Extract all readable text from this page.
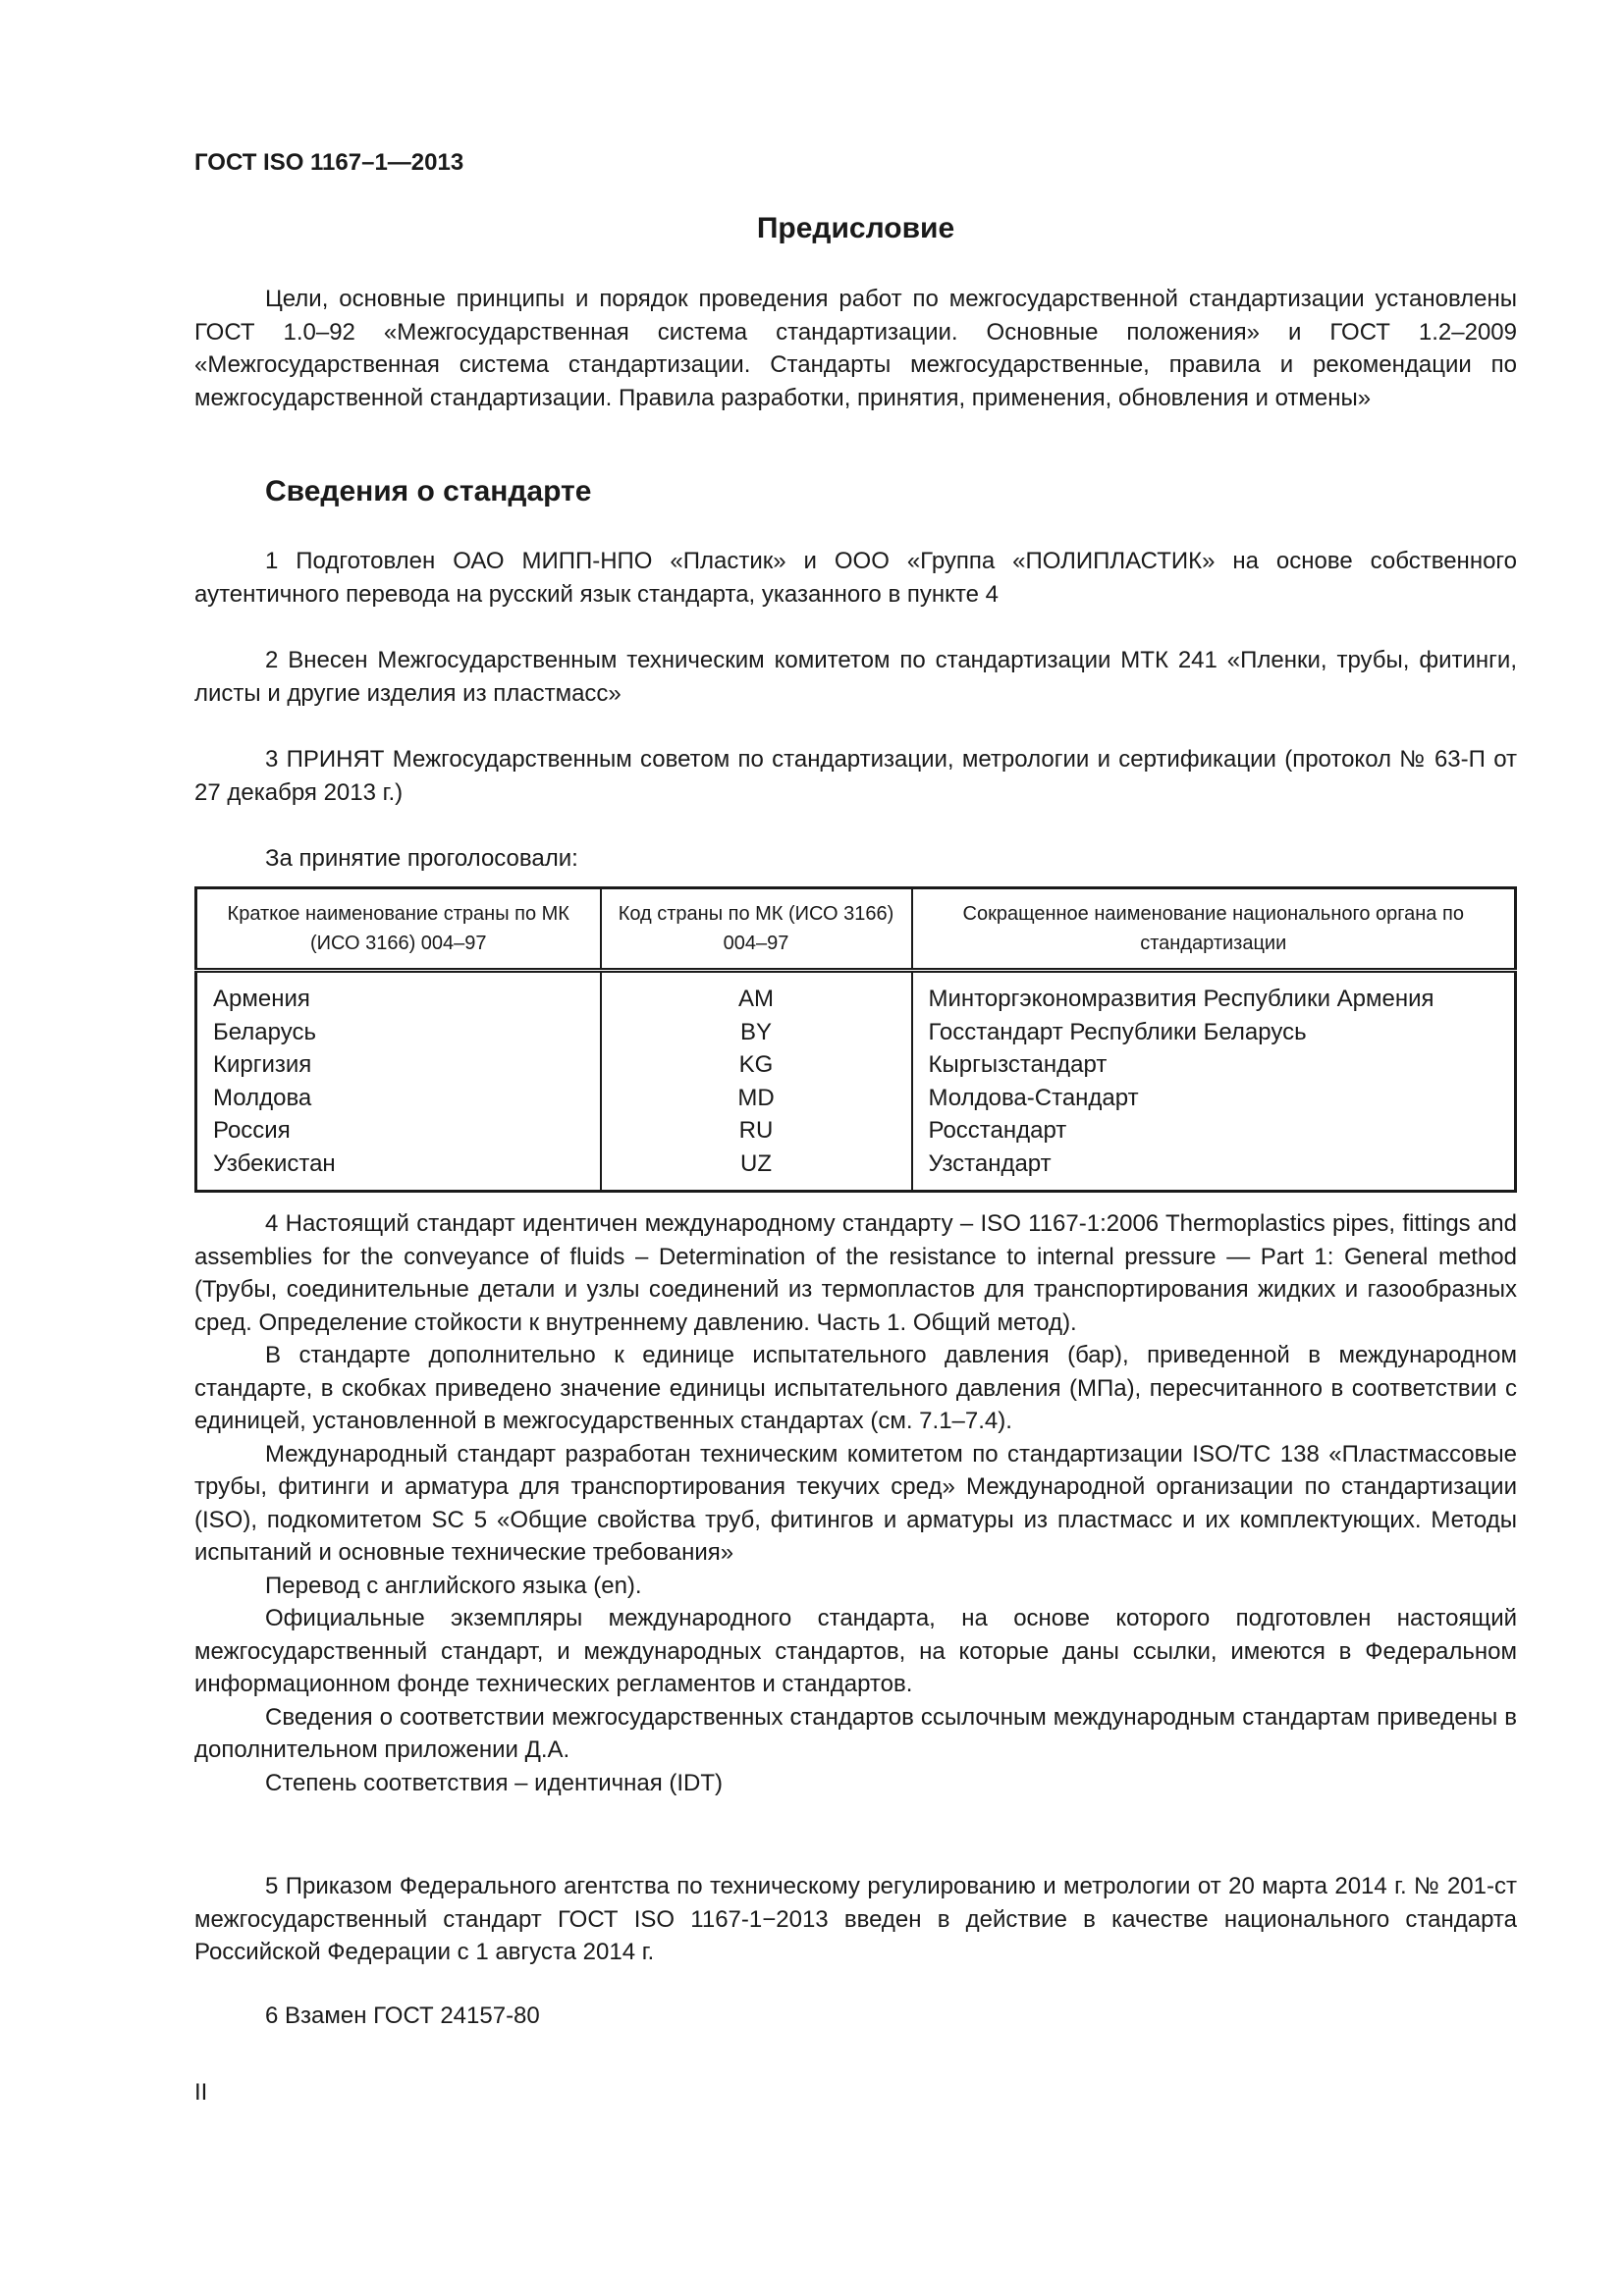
ГОСТ ISO 1167–1—2013
Предисловие

Цели, основные принципы и порядок проведения работ по межгосударственной стандартизации установлены ГОСТ 1.0–92 «Межгосударственная система стандартизации. Основные положения» и ГОСТ 1.2–2009 «Межгосударственная система стандартизации. Стандарты межгосударственные, правила и рекомендации по межгосударственной стандартизации. Правила разработки, принятия, применения, обновления и отмены»

Сведения о стандарте

1 Подготовлен ОАО МИПП-НПО «Пластик» и ООО «Группа «ПОЛИПЛАСТИК» на основе собственного аутентичного перевода на русский язык стандарта, указанного в пункте 4

2 Внесен Межгосударственным техническим комитетом по стандартизации МТК 241 «Пленки, трубы, фитинги, листы и другие изделия из пластмасс»

3 ПРИНЯТ Межгосударственным советом по стандартизации, метрологии и сертификации (протокол № 63-П от 27 декабря 2013 г.)

За принятие проголосовали:

Краткое наименование страны по МК (ИСО 3166) 004–97	Код страны по МК (ИСО 3166) 004–97	Сокращенное наименование национального органа по стандартизации
Армения	AM	Минторгэкономразвития Республики Армения
Беларусь	BY	Госстандарт Республики Беларусь
Киргизия	KG	Кыргызстандарт
Молдова	MD	Молдова-Стандарт
Россия	RU	Росстандарт
Узбекистан	UZ	Узстандарт

4 Настоящий стандарт идентичен международному стандарту – ISO 1167-1:2006 Thermoplastics pipes, fittings and assemblies for the conveyance of fluids – Determination of the resistance to internal pressure — Part 1: General method (Трубы, соединительные детали и узлы соединений из термопластов для транспортирования жидких и газообразных сред. Определение стойкости к внутреннему давлению. Часть 1. Общий метод).

В стандарте дополнительно к единице испытательного давления (бар), приведенной в международном стандарте, в скобках приведено значение единицы испытательного давления (МПа), пересчитанного в соответствии с единицей, установленной в межгосударственных стандартах (см. 7.1–7.4).

Международный стандарт разработан техническим комитетом по стандартизации ISO/TC 138 «Пластмассовые трубы, фитинги и арматура для транспортирования текучих сред» Международной организации по стандартизации (ISO), подкомитетом SC 5 «Общие свойства труб, фитингов и арматуры из пластмасс и их комплектующих. Методы испытаний и основные технические требования»

Перевод с английского языка (en).

Официальные экземпляры международного стандарта, на основе которого подготовлен настоящий межгосударственный стандарт, и международных стандартов, на которые даны ссылки, имеются в Федеральном информационном фонде технических регламентов и стандартов.

Сведения о соответствии межгосударственных стандартов ссылочным международным стандартам приведены в дополнительном приложении Д.А.

Степень соответствия – идентичная (IDT)

5 Приказом Федерального агентства по техническому регулированию и метрологии от 20 марта 2014 г. № 201-ст межгосударственный стандарт ГОСТ ISO 1167-1−2013 введен в действие в качестве национального стандарта Российской Федерации с 1 августа 2014 г.

6 Взамен ГОСТ 24157-80

II
